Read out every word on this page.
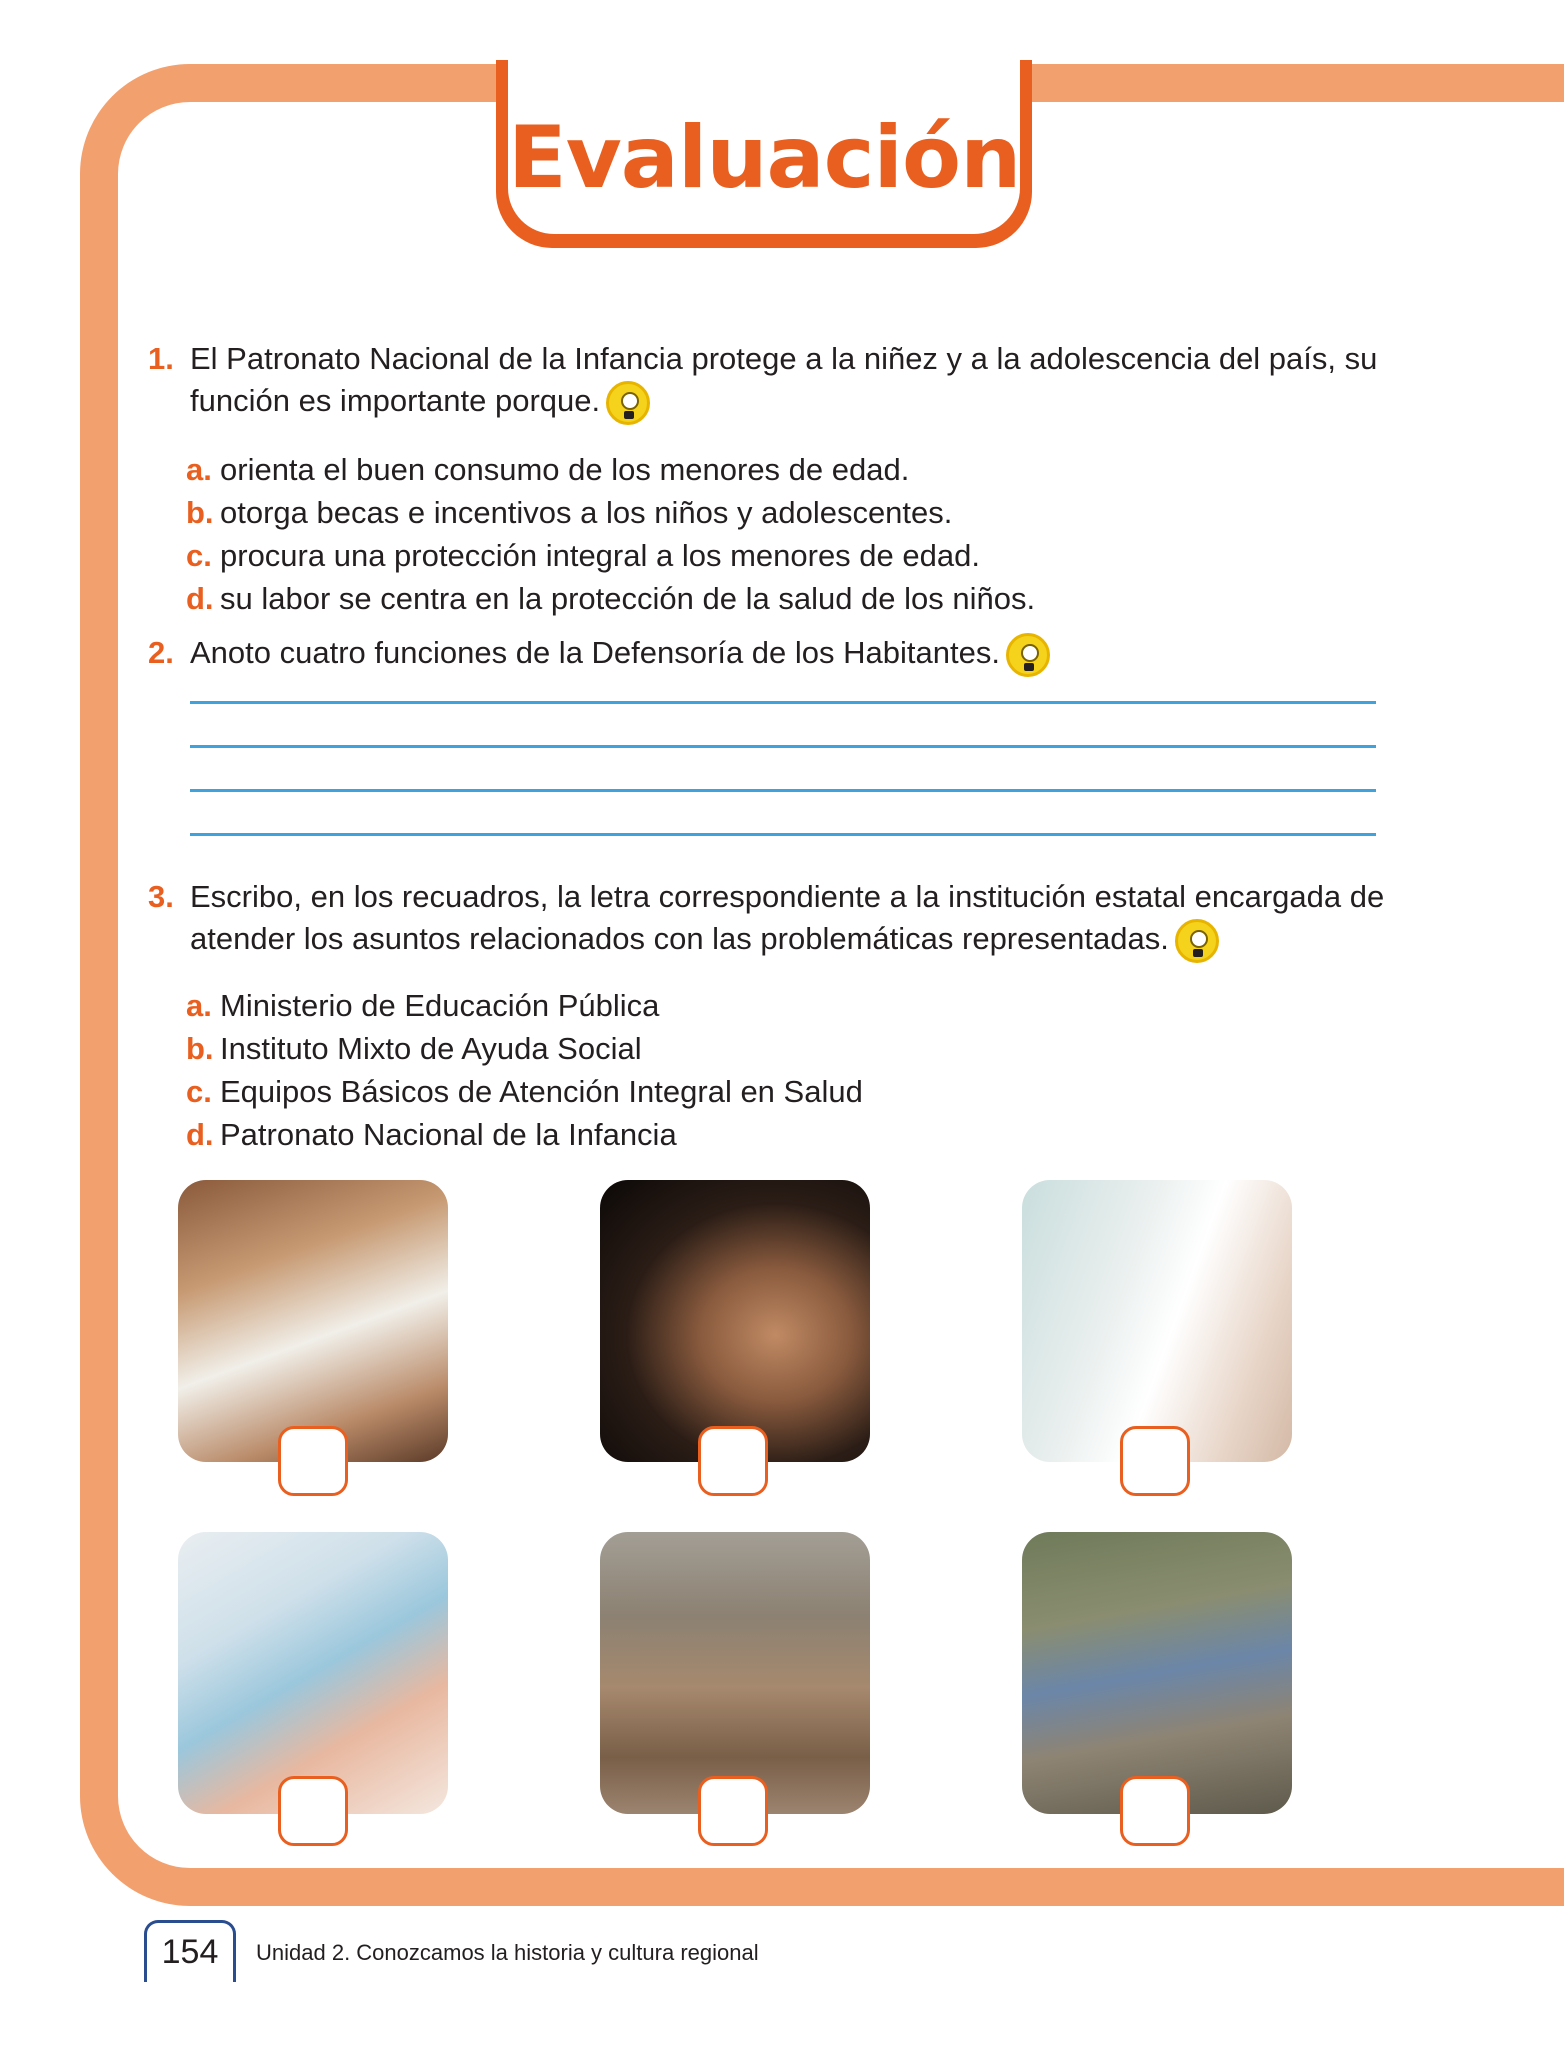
Evaluación
1. El Patronato Nacional de la Infancia protege a la niñez y a la adolescencia del país, su función es importante porque.
a. orienta el buen consumo de los menores de edad.
b. otorga becas e incentivos a los niños y adolescentes.
c. procura una protección integral a los menores de edad.
d. su labor se centra en la protección de la salud de los niños.
2. Anoto cuatro funciones de la Defensoría de los Habitantes.
3. Escribo, en los recuadros, la letra correspondiente a la institución estatal encargada de atender los asuntos relacionados con las problemáticas representadas.
a. Ministerio de Educación Pública
b. Instituto Mixto de Ayuda Social
c. Equipos Básicos de Atención Integral en Salud
d. Patronato Nacional de la Infancia
154	Unidad 2. Conozcamos la historia y cultura regional
